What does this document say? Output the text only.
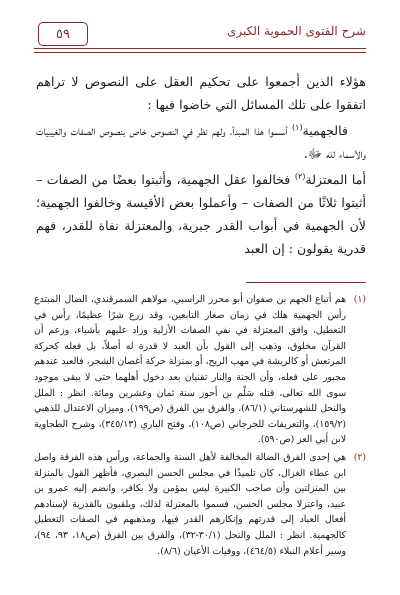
شرح الفتوى الحموية الكبرى
٥٩

هؤلاء الذين أجمعوا على تحكيم العقل على النصوص لا تراهم اتفقوا على تلك المسائل التي خاضوا فيها :

فالجهمية$^{(١)}$ أسسوا هذا المبدأ، ولهم نظر في النصوص خاص بنصوص الصفات والغيبيات والأسماء لله ﷻ.

أما المعتزلة$^{(٢)}$ فخالفوا عقل الجهمية، وأثبتوا بعضًا من الصفات – أثبتوا ثلاثًا من الصفات – وأعملوا بعض الأقيسة وخالفوا الجهمية؛ لأن الجهمية في أبواب القدر جبرية، والمعتزلة نفاة للقدر، فهم قدرية يقولون : إن العبد

(١)
هم أتباع الجهم بن صفوان أبو محرز الراسبي، مولاهم السمرقندي، الضال المبتدع رأس الجهمية هلك في زمان صغار التابعين، وقد زرع شرًا عظيمًا، رأس في التعطيل، وافق المعتزلة في نفي الصفات الأزلية وزاد عليهم بأشياء، وزعم أن القرآن مخلوق، وذهب إلى القول بأن العبد لا قدرة له أصلاً، بل فعله كحركة المرتعش أو كالريشة في مهب الريح، أو بمنزلة حركة أغصان الشجر، فالعبد عندهم مجبور على فعله، وأن الجنة والنار تفنيان بعد دخول أهلهما حتى لا يبقى موجود سوى الله تعالى، قتله سَلْم بن أحوز سنة ثمان وعشرين ومائة. انظر : الملل والنحل للشهرستاني (٨٦/١)، والفرق بين الفرق (ص١٩٩)، وميزان الاعتدال للذهبي (١٥٩/٢)، والتعريفات للجرجاني (ص١٠٨)، وفتح الباري (٣٤٥/١٣)، وشرح الطحاوية لابن أبي العز (ص٥٩٠).
(٢)
هي إحدى الفرق الضالة المخالفة لأهل السنة والجماعة، ورأس هذه الفرقة واصل ابن عطاء الغزال، كان تلميذًا في مجلس الحسن البصري، فأظهر القول بالمنزلة بين المنزلتين وأن صاحب الكبيرة ليس بمؤمن ولا بكافر، وانضم إليه عمرو بن عبيد، واعتزلا مجلس الحسن، فسموا بالمعتزلة لذلك، ويلقبون بالقدرية لإسنادهم أفعال العباد إلى قدرتهم وإنكارهم القدر فيها، ومذهبهم في الصفات التعطيل كالجهمية. انظر : الملل والنحل (٣٠/١-٣٢)، والفرق بين الفرق (ص١٨، ٩٣، ٩٤)، وسير أعلام النبلاء (٤٦٤/٥)، ووفيات الأعيان (٨/٦).
